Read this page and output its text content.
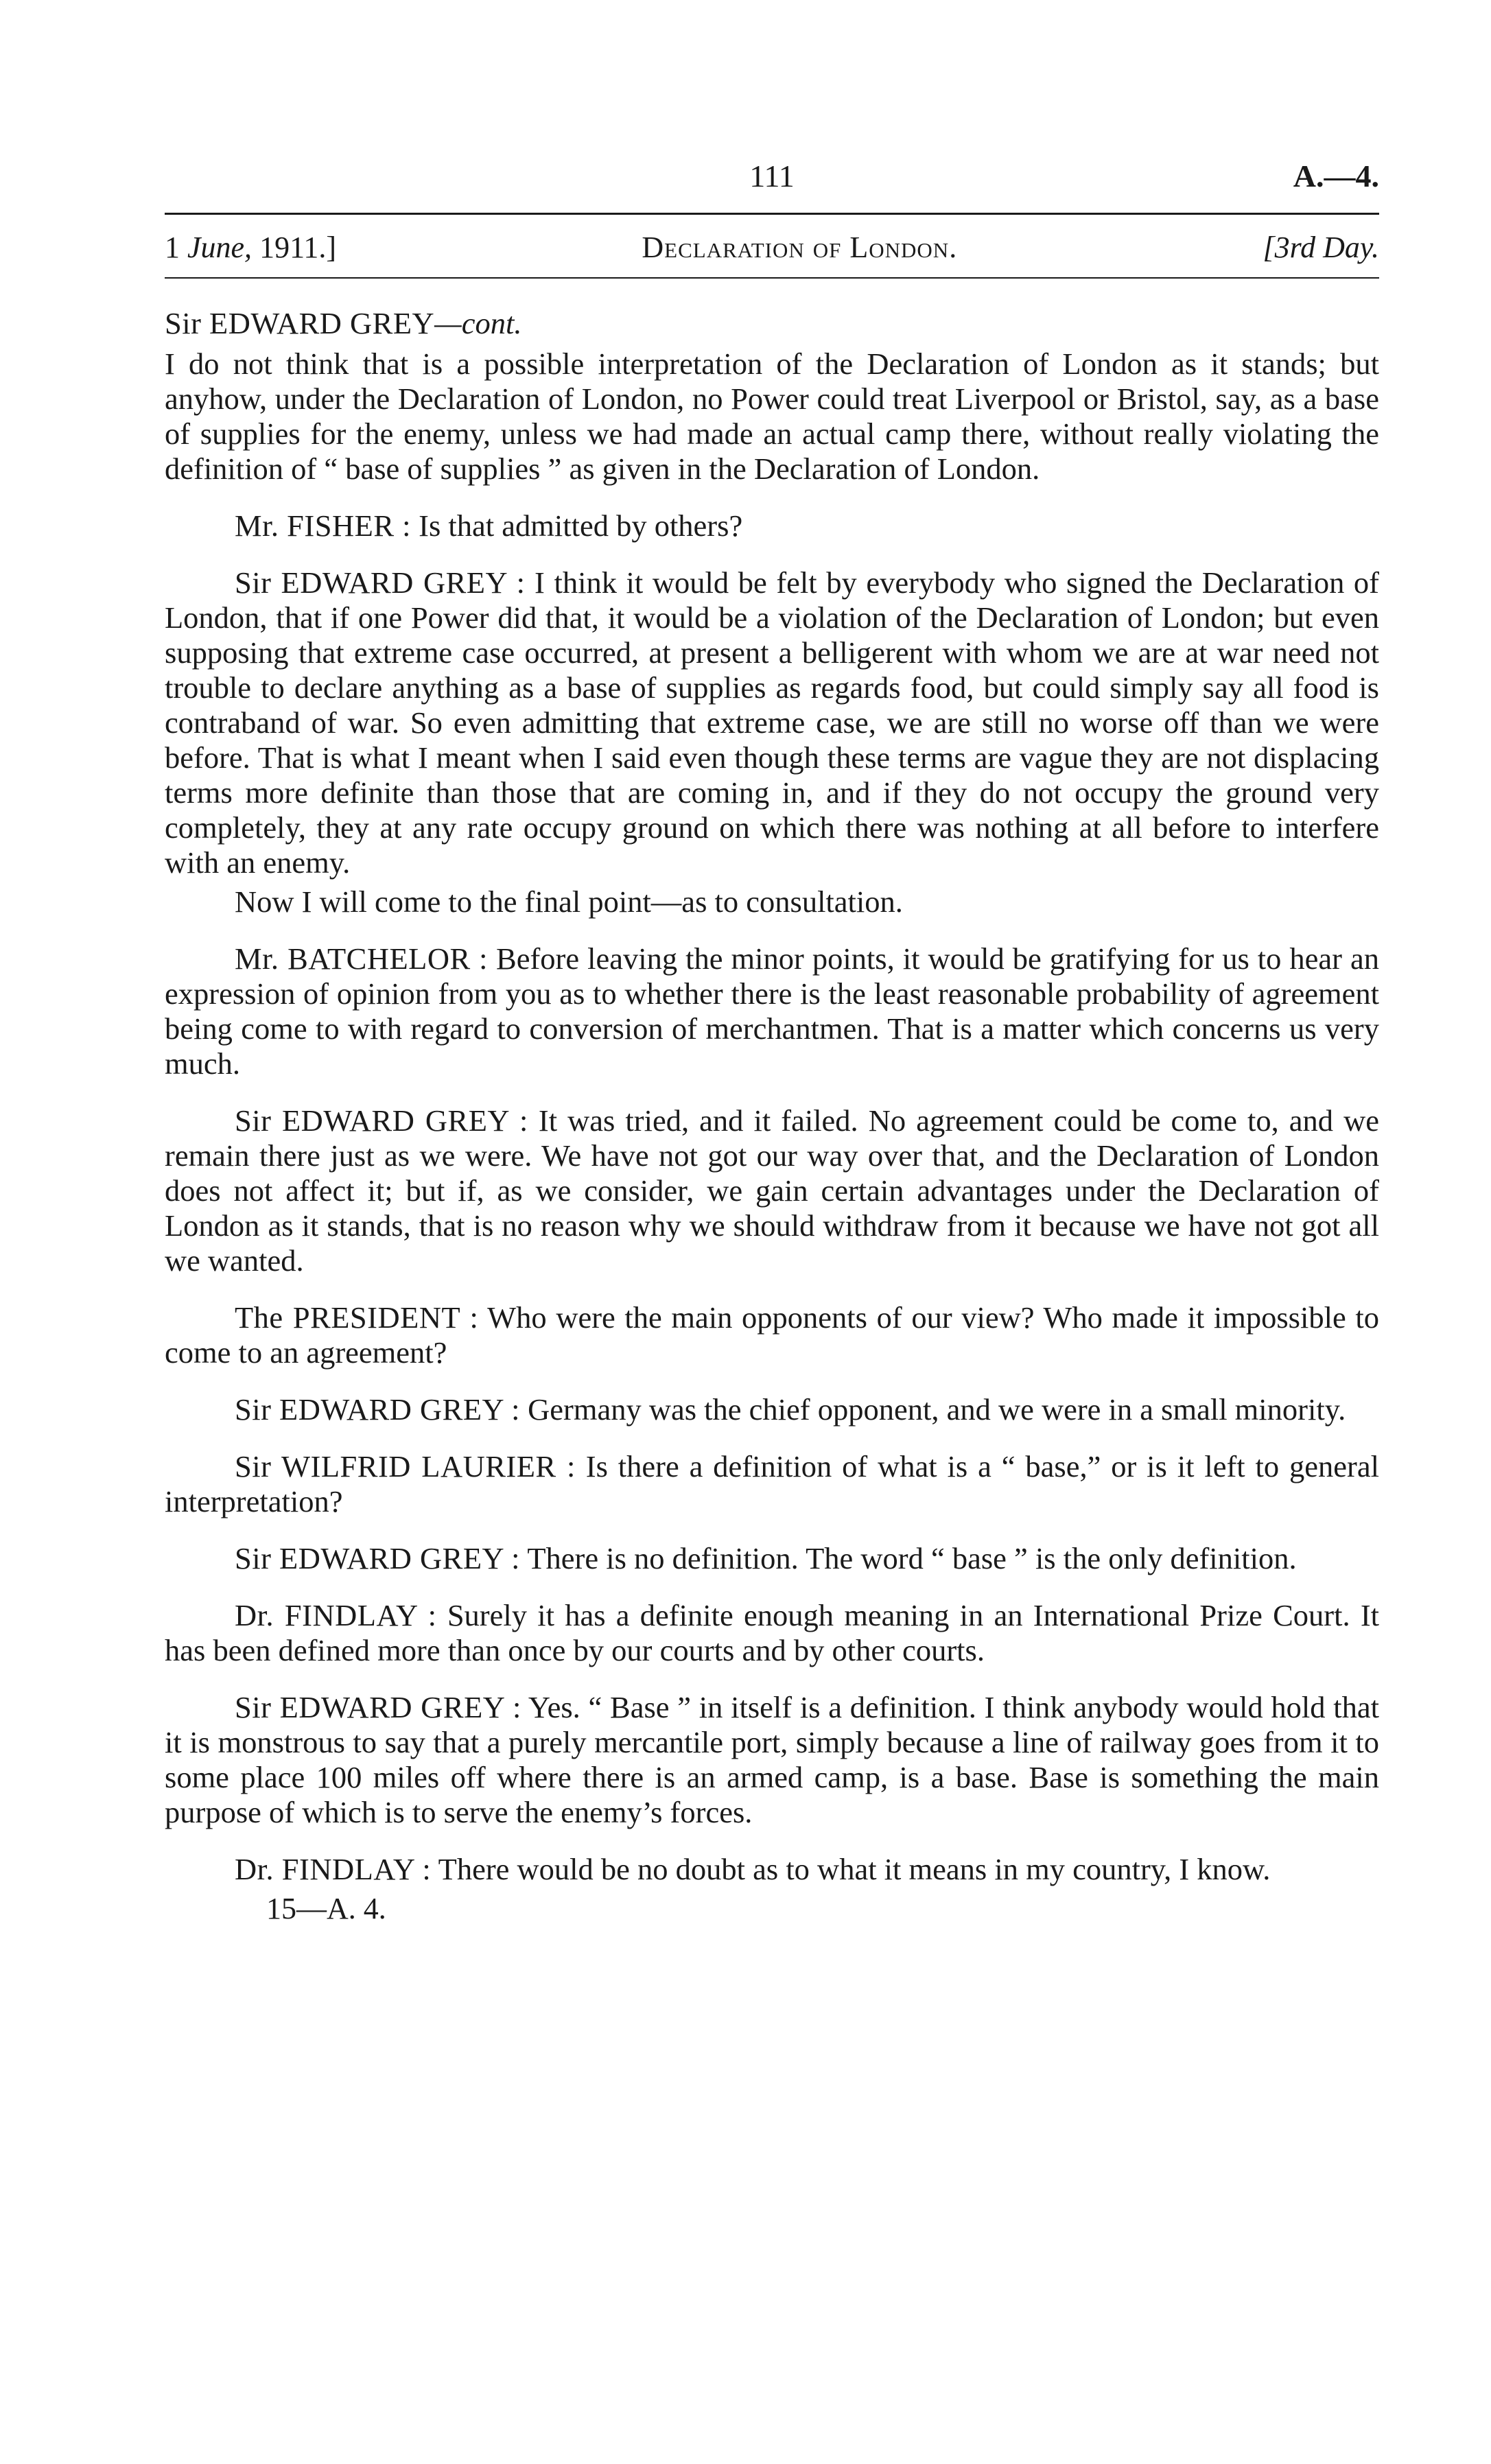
111	A.—4.
1 June, 1911.]	Declaration of London.	[3rd Day.

Sir EDWARD GREY—cont.

I do not think that is a possible interpretation of the Declaration of London as it stands; but anyhow, under the Declaration of London, no Power could treat Liverpool or Bristol, say, as a base of supplies for the enemy, unless we had made an actual camp there, without really violating the definition of “ base of supplies ” as given in the Declaration of London.

Mr. FISHER : Is that admitted by others?

Sir EDWARD GREY : I think it would be felt by everybody who signed the Declaration of London, that if one Power did that, it would be a violation of the Declaration of London; but even supposing that extreme case occurred, at present a belligerent with whom we are at war need not trouble to declare anything as a base of supplies as regards food, but could simply say all food is contraband of war. So even admitting that extreme case, we are still no worse off than we were before. That is what I meant when I said even though these terms are vague they are not displacing terms more definite than those that are coming in, and if they do not occupy the ground very completely, they at any rate occupy ground on which there was nothing at all before to interfere with an enemy.

Now I will come to the final point—as to consultation.

Mr. BATCHELOR : Before leaving the minor points, it would be gratifying for us to hear an expression of opinion from you as to whether there is the least reasonable probability of agreement being come to with regard to conversion of merchantmen. That is a matter which concerns us very much.

Sir EDWARD GREY : It was tried, and it failed. No agreement could be come to, and we remain there just as we were. We have not got our way over that, and the Declaration of London does not affect it; but if, as we consider, we gain certain advantages under the Declaration of London as it stands, that is no reason why we should withdraw from it because we have not got all we wanted.

The PRESIDENT : Who were the main opponents of our view? Who made it impossible to come to an agreement?

Sir EDWARD GREY : Germany was the chief opponent, and we were in a small minority.

Sir WILFRID LAURIER : Is there a definition of what is a “ base,” or is it left to general interpretation?

Sir EDWARD GREY : There is no definition. The word “ base ” is the only definition.

Dr. FINDLAY : Surely it has a definite enough meaning in an International Prize Court. It has been defined more than once by our courts and by other courts.

Sir EDWARD GREY : Yes. “ Base ” in itself is a definition. I think anybody would hold that it is monstrous to say that a purely mercantile port, simply because a line of railway goes from it to some place 100 miles off where there is an armed camp, is a base. Base is something the main purpose of which is to serve the enemy’s forces.

Dr. FINDLAY : There would be no doubt as to what it means in my country, I know.

15—A. 4.
